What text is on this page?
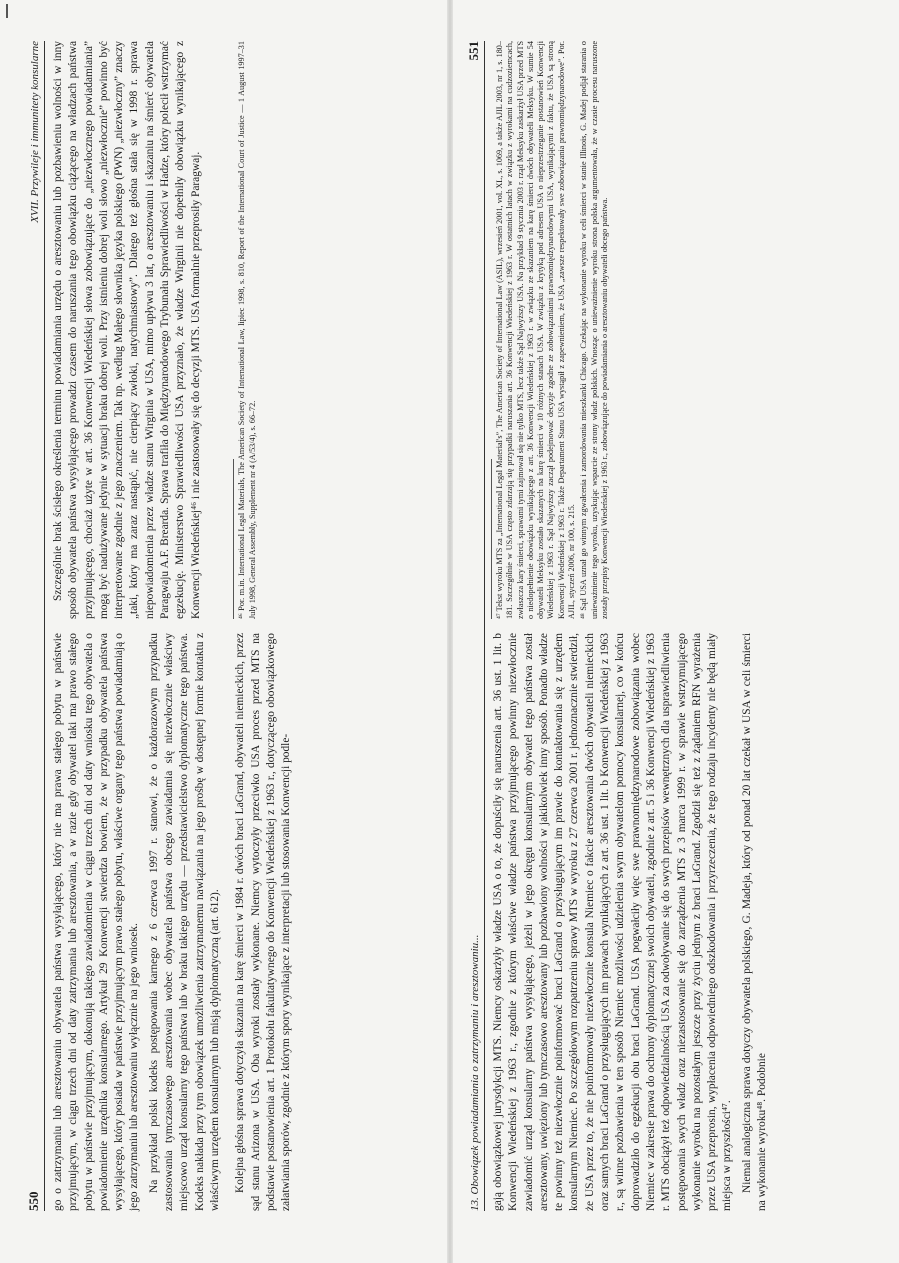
550
XVII. Przywileje i immunitety konsularne

go o zatrzymaniu lub aresztowaniu obywatela państwa wysyłającego, który nie ma prawa stałego pobytu w państwie przyjmującym, w ciągu trzech dni od daty zatrzymania lub aresztowania, a w razie gdy obywatel taki ma prawo stałego pobytu w państwie przyjmującym, dokonują takiego zawiadomienia w ciągu trzech dni od daty wniosku tego obywatela o powiadomienie urzędnika konsularnego. Artykuł 29 Konwencji stwierdza bowiem, że w przypadku obywatela państwa wysyłającego, który posiada w państwie przyjmującym prawo stałego pobytu, właściwe organy tego państwa powiadamiają o jego zatrzymaniu lub aresztowaniu wyłącznie na jego wniosek. Na przykład polski kodeks postępowania karnego z 6 czerwca 1997 r. stanowi, że o każdorazowym przypadku zastosowania tymczasowego aresztowania wobec obywatela państwa obcego zawiadamia się niezwłocznie właściwy miejscowo urząd konsularny tego państwa lub w braku takiego urzędu — przedstawicielstwo dyplomatyczne tego państwa. Kodeks nakłada przy tym obowiązek umożliwienia zatrzymanemu nawiązania na jego prośbę w dostępnej formie kontaktu z właściwym urzędem konsularnym lub misją dyplomatyczną (art. 612).

Szczególnie brak ścisłego określenia terminu powiadamiania urzędu o aresztowaniu lub pozbawieniu wolności w inny sposób obywatela państwa wysyłającego prowadzi czasem do naruszania tego obowiązku ciążącego na władzach państwa przyjmującego, chociaż użyte w art. 36 Konwencji Wiedeńskiej słowa zobowiązujące do „niezwłocznego powiadamiania” mogą być nadużywane jedynie w sytuacji braku dobrej woli. Przy istnieniu dobrej woli słowo „niezwłocznie” powinno być interpretowane zgodnie z jego znaczeniem. Tak np. według Małego słownika języka polskiego (PWN) „niezwłoczny” znaczy „taki, który ma zaraz nastąpić, nie cierpiący zwłoki, natychmiastowy”. Dlatego też głośna stała się w 1998 r. sprawa niepowiadomienia przez władze stanu Wirginia w USA, mimo upływu 3 lat, o aresztowaniu i skazaniu na śmierć obywatela Paragwaju A.F. Brearda. Sprawa trafiła do Międzynarodowego Trybunału Sprawiedliwości w Hadze, który polecił wstrzymać egzekucję. Ministerstwo Sprawiedliwości USA przyznało, że władze Wirginii nie dopełniły obowiązku wynikającego z Konwencji Wiedeńskiej⁴⁶ i nie zastosowały się do decyzji MTS. USA formalnie przeprosiły Paragwaj.

Kolejna głośna sprawa dotyczyła skazania na karę śmierci w 1984 r. dwóch braci LaGrand, obywateli niemieckich, przez sąd stanu Arizona w USA. Oba wyroki zostały wykonane. Niemcy wytoczyły przeciwko USA proces przed MTS na podstawie postanowienia art. 1 Protokołu fakultatywnego do Konwencji Wiedeńskiej z 1963 r., dotyczącego obowiązkowego załatwiania sporów, zgodnie z którym spory wynikające z interpretacji lub stosowania Konwencji podle-

⁴⁶ Por. m.in. International Legal Materials, The American Society of International Law, lipiec 1998, s. 810, Report of the International Court of Justice — 1 August 1997–31 July 1998, General Assembly, Supplement nr 4 (A/53/4), s. 66–72.

13. Obowiązek powiadamiania o zatrzymaniu i aresztowaniu...
551

gają obowiązkowej jurysdykcji MTS. Niemcy oskarżyły władze USA o to, że dopuściły się naruszenia art. 36 ust. 1 lit. b Konwencji Wiedeńskiej z 1963 r., zgodnie z którym właściwe władze państwa przyjmującego powinny niezwłocznie zawiadomić urząd konsularny państwa wysyłającego, jeżeli w jego okręgu konsularnym obywatel tego państwa został aresztowany, uwięziony lub tymczasowo aresztowany lub pozbawiony wolności w jakikolwiek inny sposób. Ponadto władze te powinny też niezwłocznie poinformować braci LaGrand o przysługującym im prawie do kontaktowania się z urzędem konsularnym Niemiec. Po szczegółowym rozpatrzeniu sprawy MTS w wyroku z 27 czerwca 2001 r. jednoznacznie stwierdził, że USA przez to, że nie poinformowały niezwłocznie konsula Niemiec o fakcie aresztowania dwóch obywateli niemieckich oraz samych braci LaGrand o przysługujących im prawach wynikających z art. 36 ust. 1 lit. b Konwencji Wiedeńskiej z 1963 r., są winne pozbawienia w ten sposób Niemiec możliwości udzielenia swym obywatelom pomocy konsularnej, co w końcu doprowadziło do egzekucji obu braci LaGrand. USA pogwałciły więc swe prawnomiędzynarodowe zobowiązania wobec Niemiec w zakresie prawa do ochrony dyplomatycznej swoich obywateli, zgodnie z art. 5 i 36 Konwencji Wiedeńskiej z 1963 r. MTS obciążył też odpowiedzialnością USA za odwoływanie się do swych przepisów wewnętrznych dla usprawiedliwienia postępowania swych władz oraz niezastosowanie się do zarządzenia MTS z 3 marca 1999 r. w sprawie wstrzymującego wykonanie wyroku na pozostałym jeszcze przy życiu jednym z braci LaGrand. Zgodził się też z żądaniem RFN wyrażenia przez USA przeprosin, wypłacenia odpowiedniego odszkodowania i przyrzeczenia, że tego rodzaju incydenty nie będą miały miejsca w przyszłości⁴⁷. Niemal analogiczna sprawa dotyczy obywatela polskiego, G. Madeja, który od ponad 20 lat czekał w USA w celi śmierci na wykonanie wyroku⁴⁸. Podobnie

⁴⁷ Tekst wyroku MTS za „International Legal Material's”, The American Society of International Law (ASIL), wrzesień 2001, vol. XL, s. 1069, a także AJIL 2003, nr 1, s. 180–181. Szczególnie w USA często zdarzają się przypadki naruszania art. 36 Konwencji Wiedeńskiej z 1963 r. W ostatnich latach w związku z wyrokami na cudzoziemcach, zwłaszcza kary śmierci, sprawami tymi zajmował się nie tylko MTS, lecz także Sąd Najwyższy USA. Na przykład 9 stycznia 2003 r. rząd Meksyku zaskarżył USA przed MTS o niedopełnienie obowiązku wynikającego z art. 36 Konwencji Wiedeńskiej z 1963 r. w związku ze skazaniem na karę śmierci dwóch obywateli Meksyku. W sumie 54 obywateli Meksyku zostało skazanych na karę śmierci w 10 różnych stanach USA. W związku z krytyką pod adresem USA o nieprzestrzeganie postanowień Konwencji Wiedeńskiej z 1963 r. Sąd Najwyższy zaczął podejmować decyzje zgodne ze zobowiązaniami prawnomiędzynarodowymi USA, wynikającymi z faktu, że USA są stroną Konwencji Wiedeńskiej z 1963 r. Także Departament Stanu USA wystąpił z zapewnieniem, że USA „zawsze respektowały swe zobowiązania prawnomiędzynarodowe”. Por. AJIL, styczeń 2006, nr 100, s. 215. ⁴⁸ Sąd USA uznał go winnym zgwałcenia i zamordowania mieszkanki Chicago. Czekając na wykonanie wyroku w celi śmierci w stanie Illinois, G. Madej podjął starania o unieważnienie tego wyroku, uzyskując wsparcie ze strony władz polskich. Wnosząc o unieważnienie wyroku strona polska argumentowała, że w czasie procesu naruszone zostały przepisy Konwencji Wiedeńskiej z 1963 r., zobowiązujące do powiadamiania o aresztowaniu obywateli obcego państwa.
